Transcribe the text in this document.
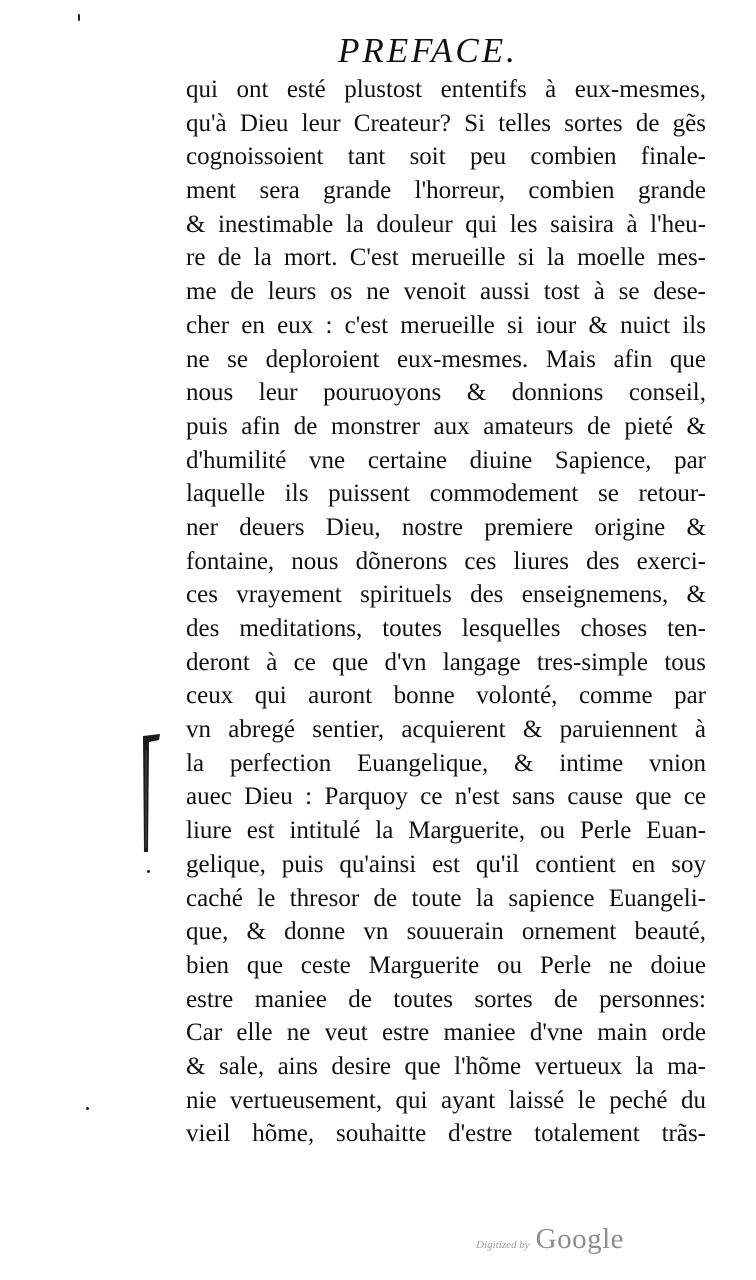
PREFACE.
qui ont esté plustost ententifs à eux-mesmes,
qu'à Dieu leur Createur? Si telles sortes de gẽs
cognoissoient tant soit peu combien finale-
ment sera grande l'horreur, combien grande
& inestimable la douleur qui les saisira à l'heu-
re de la mort. C'est merueille si la moelle mes-
me de leurs os ne venoit aussi tost à se dese-
cher en eux : c'est merueille si iour & nuict ils
ne se deploroient eux-mesmes. Mais afin que
nous leur pouruoyons & donnions conseil,
puis afin de monstrer aux amateurs de pieté &
d'humilité vne certaine diuine Sapience, par
laquelle ils puissent commodement se retour-
ner deuers Dieu, nostre premiere origine &
fontaine, nous dõnerons ces liures des exerci-
ces vrayement spirituels des enseignemens, &
des meditations, toutes lesquelles choses ten-
deront à ce que d'vn langage tres-simple tous
ceux qui auront bonne volonté, comme par
vn abregé sentier, acquierent & paruiennent à
la perfection Euangelique, & intime vnion
auec Dieu : Parquoy ce n'est sans cause que ce
liure est intitulé la Marguerite, ou Perle Euan-
gelique, puis qu'ainsi est qu'il contient en soy
caché le thresor de toute la sapience Euangeli-
que, & donne vn souuerain ornement beauté,
bien que ceste Marguerite ou Perle ne doiue
estre maniee de toutes sortes de personnes:
Car elle ne veut estre maniee d'vne main orde
& sale, ains desire que l'hõme vertueux la ma-
nie vertueusement, qui ayant laissé le peché du
vieil hõme, souhaitte d'estre totalement trãs-
Digitized by Google
